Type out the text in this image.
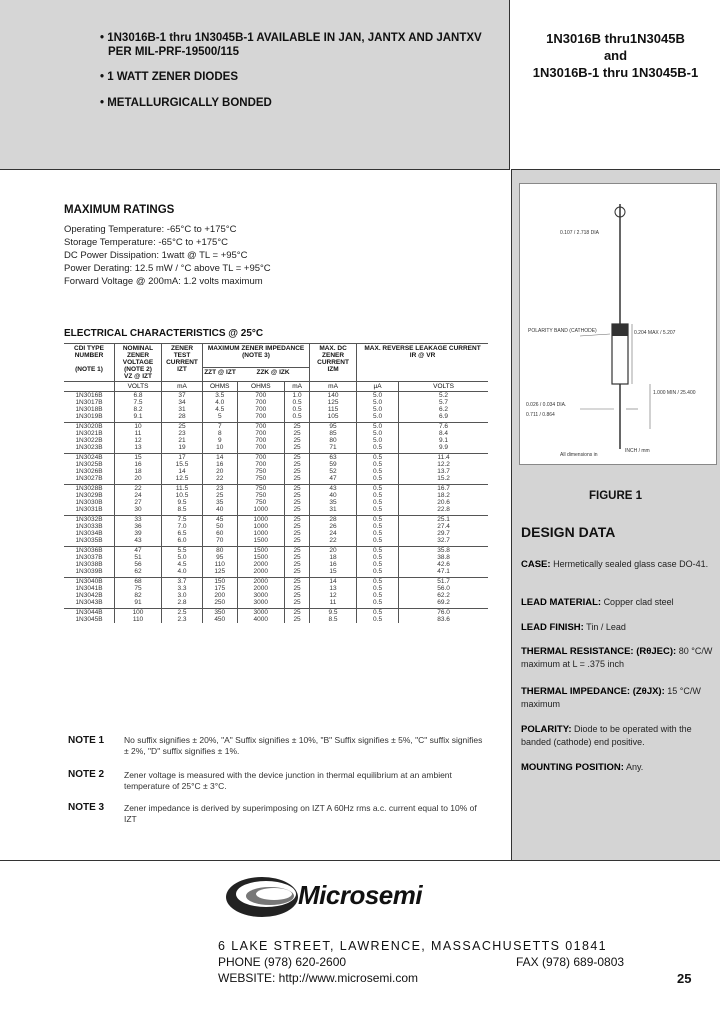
• 1N3016B-1 thru 1N3045B-1 AVAILABLE IN JAN, JANTX AND JANTXV
PER MIL-PRF-19500/115
• 1 WATT ZENER DIODES
• METALLURGICALLY BONDED
1N3016B thru1N3045B
and
1N3016B-1 thru 1N3045B-1
MAXIMUM RATINGS
Operating Temperature: -65°C to +175°C
Storage Temperature: -65°C to +175°C
DC Power Dissipation: 1watt @ TL = +95°C
Power Derating: 12.5 mW / °C above TL = +95°C
Forward Voltage @ 200mA: 1.2 volts maximum
ELECTRICAL CHARACTERISTICS @ 25°C
CDI TYPE NUMBER

(NOTE 1)	NOMINAL ZENER VOLTAGE
(NOTE 2)
VZ @ IZT	ZENER TEST CURRENT
IZT	MAXIMUM ZENER IMPEDANCE
(NOTE 3)			MAX. DC ZENER CURRENT
IZM	MAX. REVERSE LEAKAGE CURRENT
IR @ VR	
			ZZT @ IZT	ZZK @ IZK				
	VOLTS	mA	OHMS	OHMS	mA	mA	µA	VOLTS
1N3016B	6.8	37	3.5	700	1.0	140	5.0	5.2
1N3017B	7.5	34	4.0	700	0.5	125	5.0	5.7
1N3018B	8.2	31	4.5	700	0.5	115	5.0	6.2
1N3019B	9.1	28	5	700	0.5	105	5.0	6.9

1N3020B	10	25	7	700	25	95	5.0	7.6
1N3021B	11	23	8	700	25	85	5.0	8.4
1N3022B	12	21	9	700	25	80	5.0	9.1
1N3023B	13	19	10	700	25	71	0.5	9.9

1N3024B	15	17	14	700	25	63	0.5	11.4
1N3025B	16	15.5	16	700	25	59	0.5	12.2
1N3026B	18	14	20	750	25	52	0.5	13.7
1N3027B	20	12.5	22	750	25	47	0.5	15.2

1N3028B	22	11.5	23	750	25	43	0.5	16.7
1N3029B	24	10.5	25	750	25	40	0.5	18.2
1N3030B	27	9.5	35	750	25	35	0.5	20.6
1N3031B	30	8.5	40	1000	25	31	0.5	22.8

1N3032B	33	7.5	45	1000	25	28	0.5	25.1
1N3033B	36	7.0	50	1000	25	26	0.5	27.4
1N3034B	39	6.5	60	1000	25	24	0.5	29.7
1N3035B	43	6.0	70	1500	25	22	0.5	32.7

1N3036B	47	5.5	80	1500	25	20	0.5	35.8
1N3037B	51	5.0	95	1500	25	18	0.5	38.8
1N3038B	56	4.5	110	2000	25	16	0.5	42.6
1N3039B	62	4.0	125	2000	25	15	0.5	47.1

1N3040B	68	3.7	150	2000	25	14	0.5	51.7
1N3041B	75	3.3	175	2000	25	13	0.5	56.0
1N3042B	82	3.0	200	3000	25	12	0.5	62.2
1N3043B	91	2.8	250	3000	25	11	0.5	69.2

1N3044B	100	2.5	350	3000	25	9.5	0.5	76.0
1N3045B	110	2.3	450	4000	25	8.5	0.5	83.6
NOTE 1 No suffix signifies ± 20%, "A" Suffix signifies ± 10%, "B" Suffix signifies ± 5%, "C" suffix signifies ± 2%, "D" suffix signifies ± 1%.
NOTE 2 Zener voltage is measured with the device junction in thermal equilibrium at an ambient temperature of 25°C ± 3°C.
NOTE 3 Zener impedance is derived by superimposing on IZT A 60Hz rms a.c. current equal to 10% of IZT
0.107 / 2.718 DIA
POLARITY BAND (CATHODE)	0.204 MAX / 5.207
1.000 MIN / 25.400
0.026 / 0.034 DIA.
0.711 / 0.864
All dimensions in
INCH / mm
FIGURE 1
DESIGN DATA
CASE: Hermetically sealed glass case DO-41.
LEAD MATERIAL: Copper clad steel
LEAD FINISH: Tin / Lead
THERMAL RESISTANCE: (RθJEC): 80 °C/W maximum at L = .375 inch
THERMAL IMPEDANCE: (ZθJX): 15 °C/W maximum
POLARITY: Diode to be operated with the banded (cathode) end positive.
MOUNTING POSITION: Any.
Microsemi
6 LAKE STREET, LAWRENCE, MASSACHUSETTS 01841
PHONE (978) 620-2600	FAX (978) 689-0803
WEBSITE: http://www.microsemi.com	25
